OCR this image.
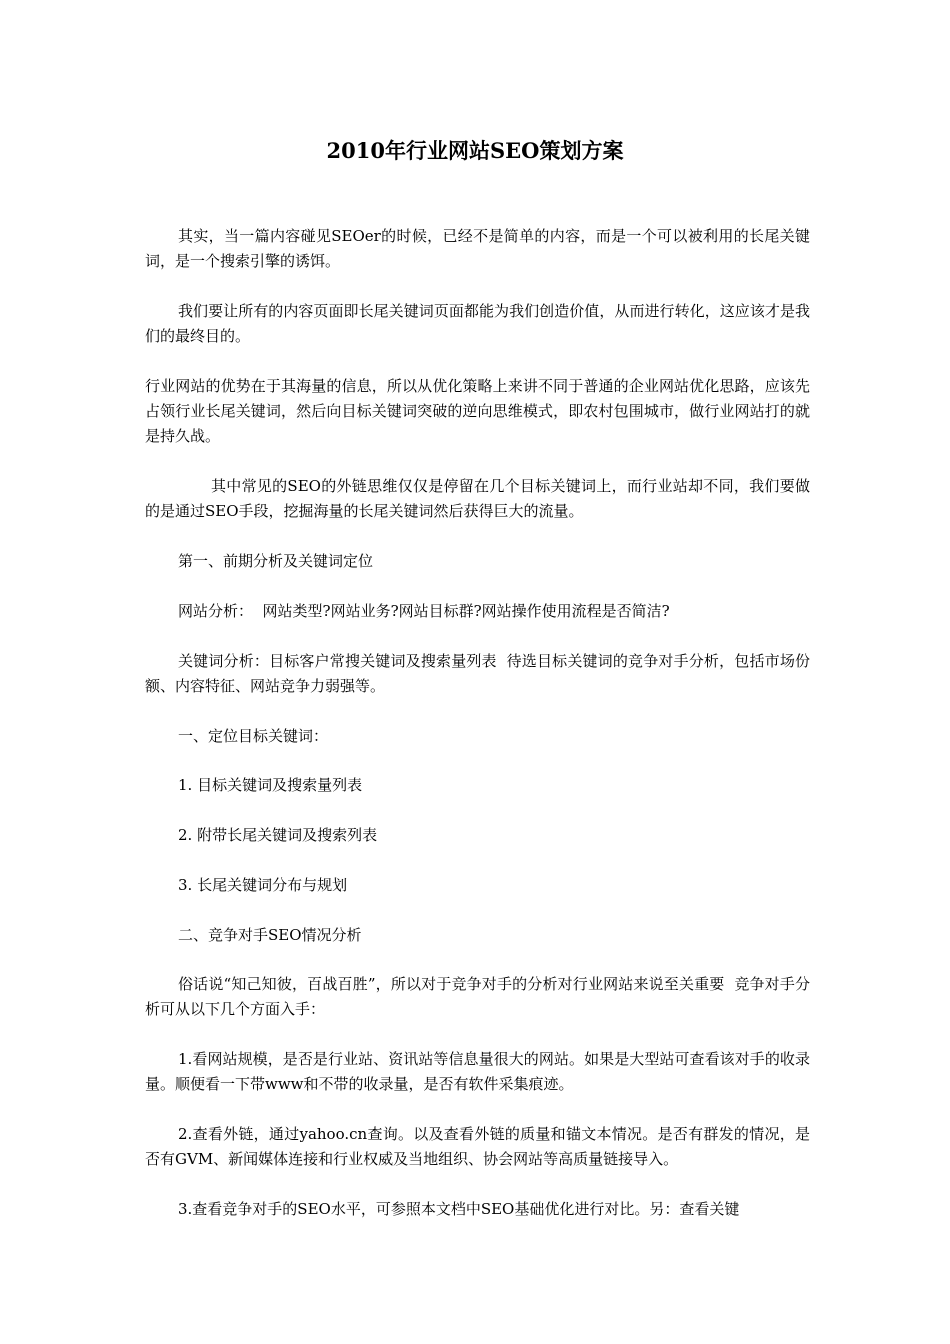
2010年行业网站SEO策划方案

其实，当一篇内容碰见SEOer的时候，已经不是简单的内容，而是一个可以被利用的长尾关键词，是一个搜索引擎的诱饵。

我们要让所有的内容页面即长尾关键词页面都能为我们创造价值，从而进行转化，这应该才是我们的最终目的。

行业网站的优势在于其海量的信息，所以从优化策略上来讲不同于普通的企业网站优化思路，应该先占领行业长尾关键词，然后向目标关键词突破的逆向思维模式，即农村包围城市，做行业网站打的就是持久战。

其中常见的SEO的外链思维仅仅是停留在几个目标关键词上，而行业站却不同，我们要做的是通过SEO手段，挖掘海量的长尾关键词然后获得巨大的流量。

第一、前期分析及关键词定位

网站分析：  网站类型?网站业务?网站目标群?网站操作使用流程是否简洁?

关键词分析：目标客户常搜关键词及搜索量列表  待选目标关键词的竞争对手分析，包括市场份额、内容特征、网站竞争力弱强等。

一、定位目标关键词：

1. 目标关键词及搜索量列表

2. 附带长尾关键词及搜索列表

3. 长尾关键词分布与规划

二、竞争对手SEO情况分析

俗话说“知己知彼，百战百胜”，所以对于竞争对手的分析对行业网站来说至关重要  竞争对手分析可从以下几个方面入手：

1.看网站规模，是否是行业站、资讯站等信息量很大的网站。如果是大型站可查看该对手的收录量。顺便看一下带www和不带的收录量，是否有软件采集痕迹。

2.查看外链，通过yahoo.cn查询。以及查看外链的质量和锚文本情况。是否有群发的情况，是否有GVM、新闻媒体连接和行业权威及当地组织、协会网站等高质量链接导入。

3.查看竞争对手的SEO水平，可参照本文档中SEO基础优化进行对比。另：查看关键
